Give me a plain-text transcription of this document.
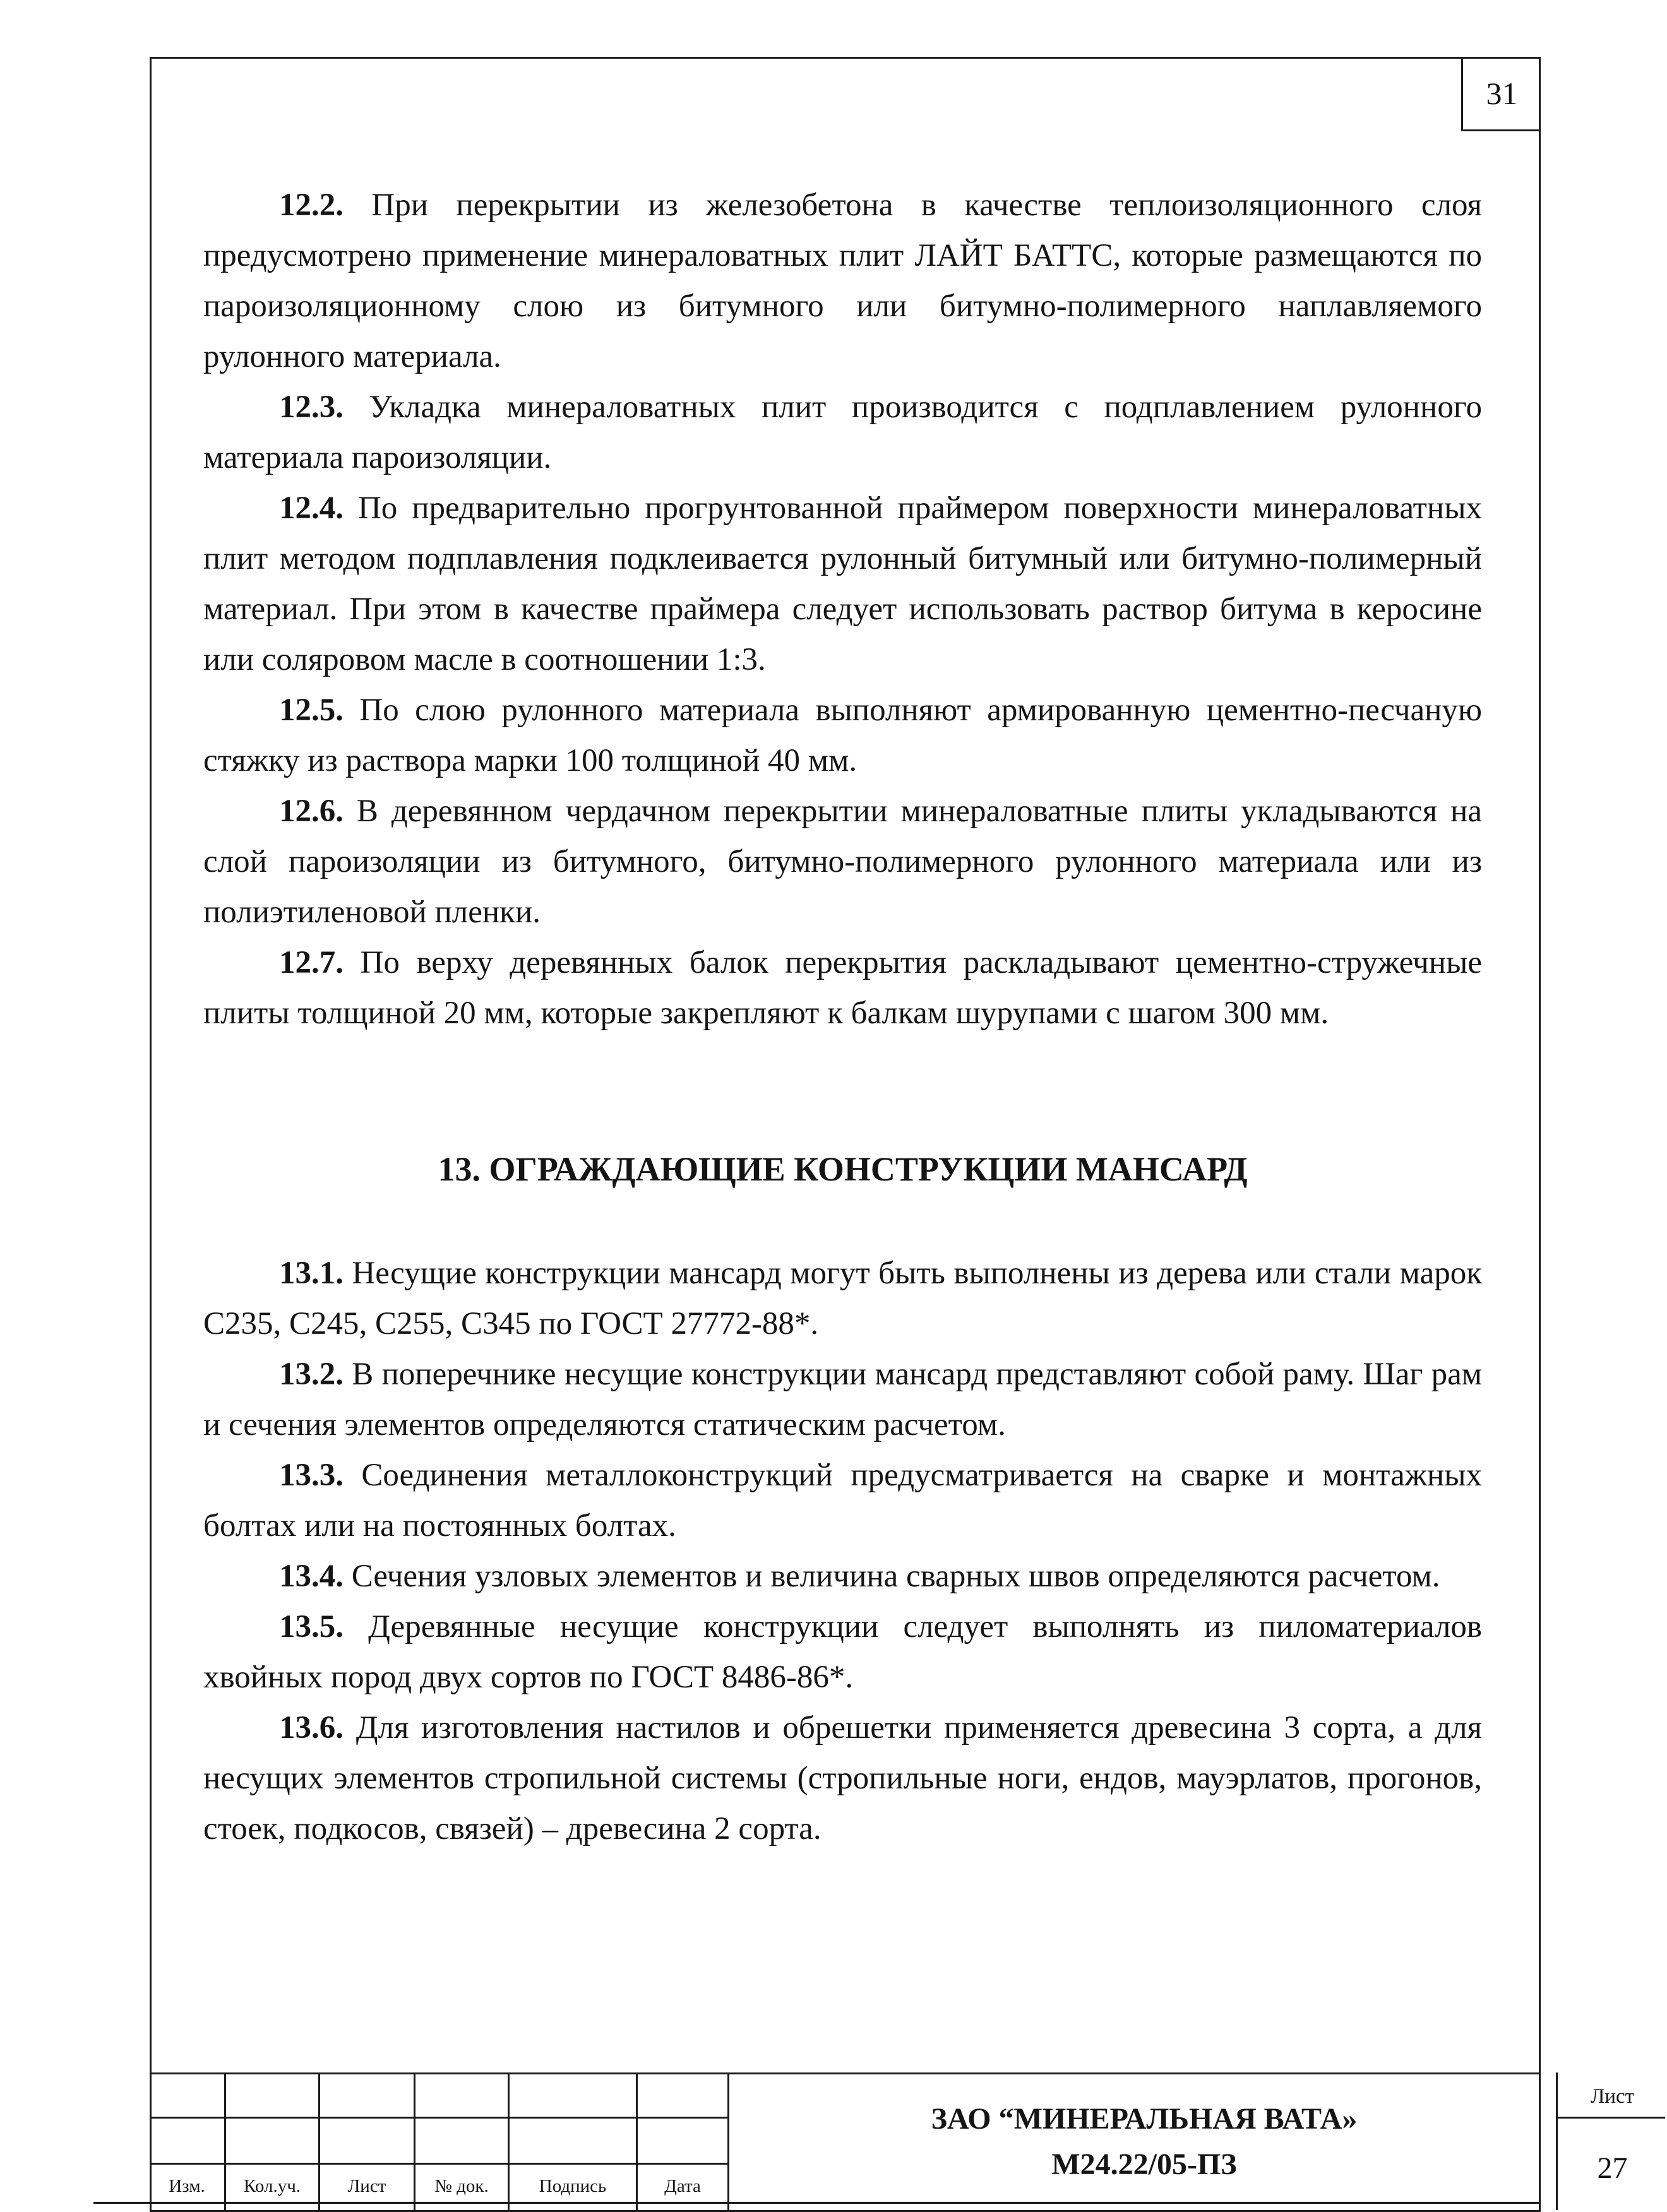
31

12.2. При перекрытии из железобетона в качестве теплоизоляционного слоя предусмотрено применение минераловатных плит ЛАЙТ БАТТС, которые размещаются по пароизоляционному слою из битумного или битумно-полимерного наплавляемого рулонного материала.

12.3. Укладка минераловатных плит производится с подплавлением рулонного материала пароизоляции.

12.4. По предварительно прогрунтованной праймером поверхности минераловатных плит методом подплавления подклеивается рулонный битумный или битумно-полимерный материал. При этом в качестве праймера следует использовать раствор битума в керосине или соляровом масле в соотношении 1:3.

12.5. По слою рулонного материала выполняют армированную цементно-песчаную стяжку из раствора марки 100 толщиной 40 мм.

12.6. В деревянном чердачном перекрытии минераловатные плиты укладываются на слой пароизоляции из битумного, битумно-полимерного рулонного материала или из полиэтиленовой пленки.

12.7. По верху деревянных балок перекрытия раскладывают цементно-стружечные плиты толщиной 20 мм, которые закрепляют к балкам шурупами с шагом 300 мм.

13. ОГРАЖДАЮЩИЕ КОНСТРУКЦИИ МАНСАРД

13.1. Несущие конструкции мансард могут быть выполнены из дерева или стали марок С235, С245, С255, С345 по ГОСТ 27772-88*.

13.2. В поперечнике несущие конструкции мансард представляют собой раму. Шаг рам и сечения элементов определяются статическим расчетом.

13.3. Соединения металлоконструкций предусматривается на сварке и монтажных болтах или на постоянных болтах.

13.4. Сечения узловых элементов и величина сварных швов определяются расчетом.

13.5. Деревянные несущие конструкции следует выполнять из пиломатериалов хвойных пород двух сортов по ГОСТ 8486-86*.

13.6. Для изготовления настилов и обрешетки применяется древесина 3 сорта, а для несущих элементов стропильной системы (стропильные ноги, ендов, мауэрлатов, прогонов, стоек, подкосов, связей) – древесина 2 сорта.

Изм.	Кол.уч.	Лист	№ док.	Подпись	Дата
ЗАО “МИНЕРАЛЬНАЯ ВАТА»
М24.22/05-ПЗ
Лист
27
